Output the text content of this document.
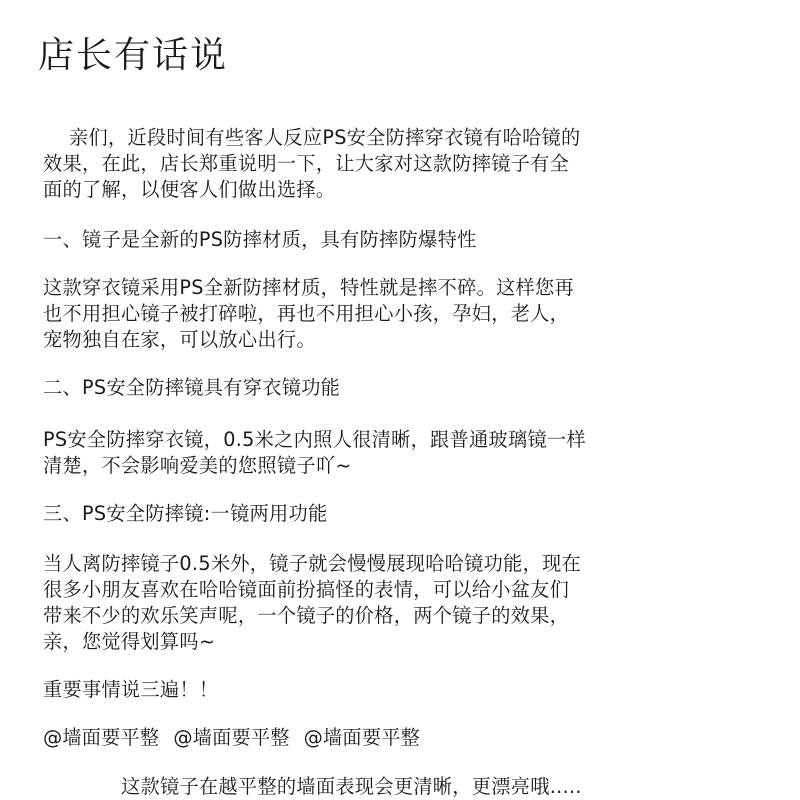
店长有话说

亲们，近段时间有些客人反应PS安全防摔穿衣镜有哈哈镜的

效果，在此，店长郑重说明一下，让大家对这款防摔镜子有全

面的了解，以便客人们做出选择。

一、镜子是全新的PS防摔材质，具有防摔防爆特性

这款穿衣镜采用PS全新防摔材质，特性就是摔不碎。这样您再

也不用担心镜子被打碎啦，再也不用担心小孩，孕妇，老人，

宠物独自在家，可以放心出行。

二、PS安全防摔镜具有穿衣镜功能

PS安全防摔穿衣镜，0.5米之内照人很清晰，跟普通玻璃镜一样

清楚，不会影响爱美的您照镜子吖~

三、PS安全防摔镜:一镜两用功能

当人离防摔镜子0.5米外，镜子就会慢慢展现哈哈镜功能，现在

很多小朋友喜欢在哈哈镜面前扮搞怪的表情，可以给小盆友们

带来不少的欢乐笑声呢，一个镜子的价格，两个镜子的效果，

亲，您觉得划算吗~

重要事情说三遍！！

@墙面要平整 @墙面要平整 @墙面要平整

这款镜子在越平整的墙面表现会更清晰，更漂亮哦.....
